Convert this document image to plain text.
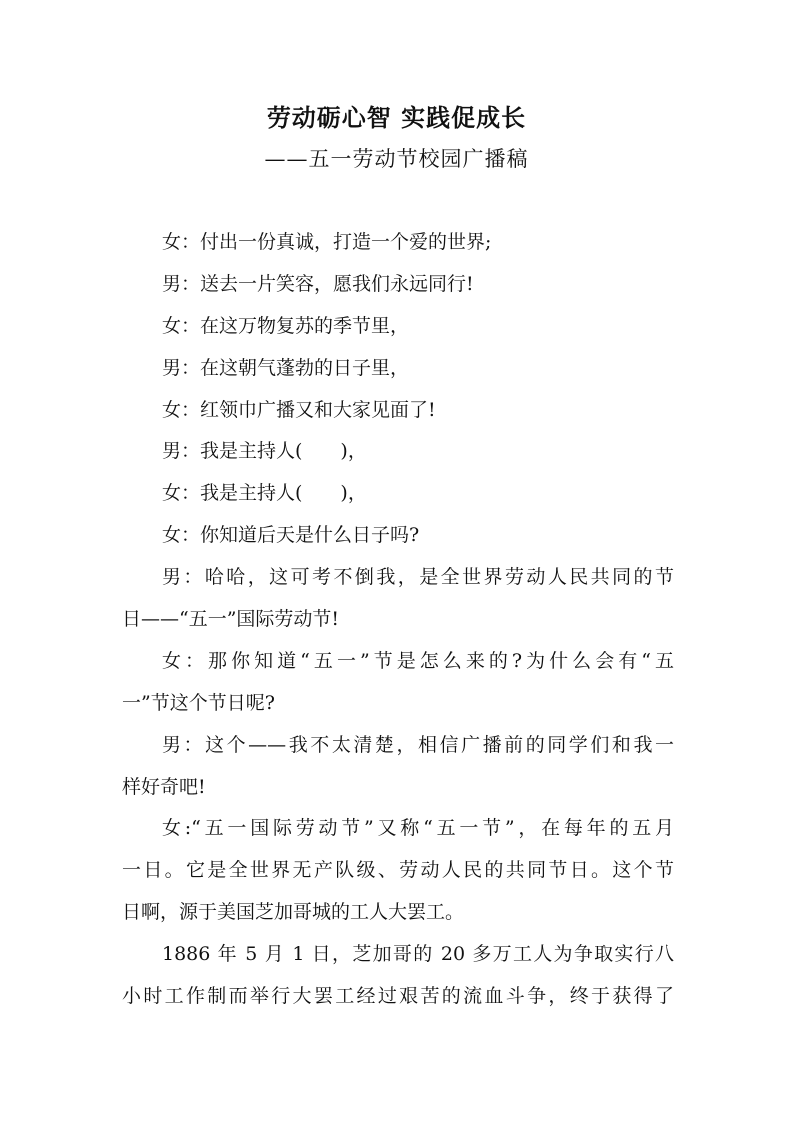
劳动砺心智 实践促成长
——五一劳动节校园广播稿
女：付出一份真诚，打造一个爱的世界;
男：送去一片笑容，愿我们永远同行!
女：在这万物复苏的季节里，
男：在这朝气蓬勃的日子里，
女：红领巾广播又和大家见面了!
男：我是主持人(　　)，
女：我是主持人(　　)，
女：你知道后天是什么日子吗?
男：哈哈，这可考不倒我，是全世界劳动人民共同的节
日——“五一”国际劳动节!
女：那你知道“五一”节是怎么来的?为什么会有“五
一”节这个节日呢?
男：这个——我不太清楚，相信广播前的同学们和我一
样好奇吧!
女:“五一国际劳动节”又称“五一节”，在每年的五月
一日。它是全世界无产队级、劳动人民的共同节日。这个节
日啊，源于美国芝加哥城的工人大罢工。
1886 年 5 月 1 日，芝加哥的 20 多万工人为争取实行八
小时工作制而举行大罢工经过艰苦的流血斗争，终于获得了
